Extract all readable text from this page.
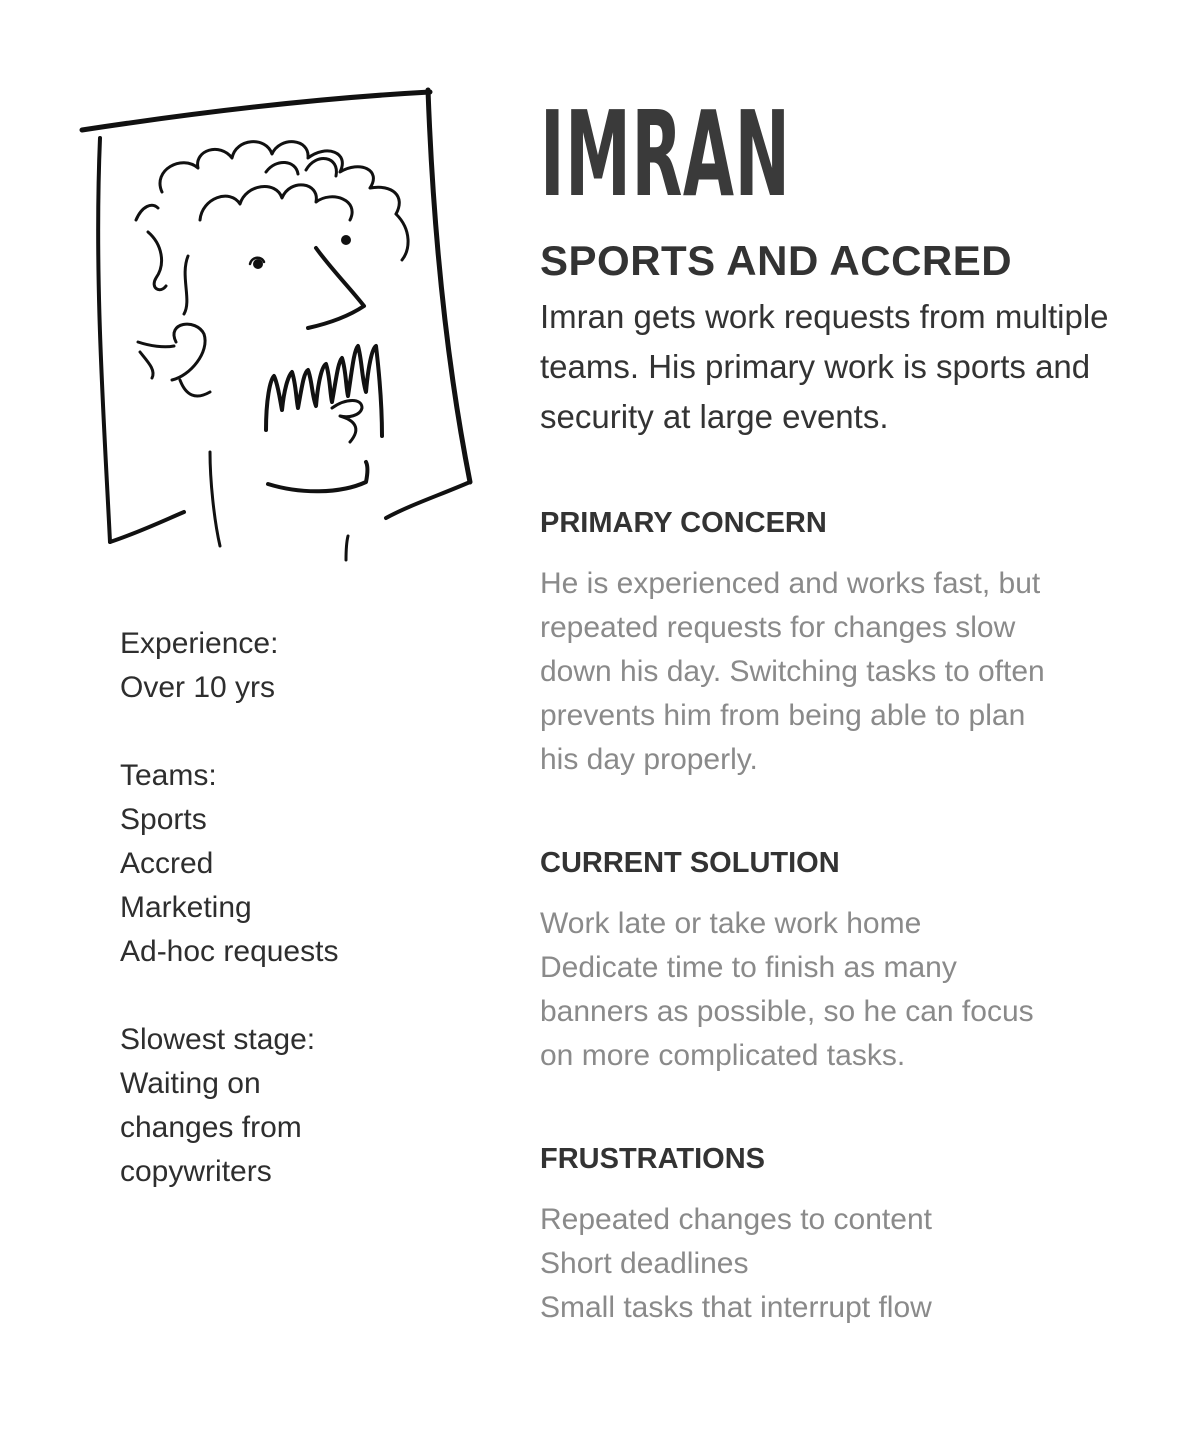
Experience:
Over 10 yrs
Teams:
Sports
Accred
Marketing
Ad-hoc requests
Slowest stage:
Waiting on
changes from
copywriters
IMRAN
SPORTS AND ACCRED

Imran gets work requests from multiple teams. His primary work is sports and security at large events.

PRIMARY CONCERN
He is experienced and works fast, but
repeated requests for changes slow
down his day. Switching tasks to often
prevents him from being able to plan
his day properly.
CURRENT SOLUTION
Work late or take work home
Dedicate time to finish as many
banners as possible, so he can focus
on more complicated tasks.
FRUSTRATIONS
Repeated changes to content
Short deadlines
Small tasks that interrupt flow
